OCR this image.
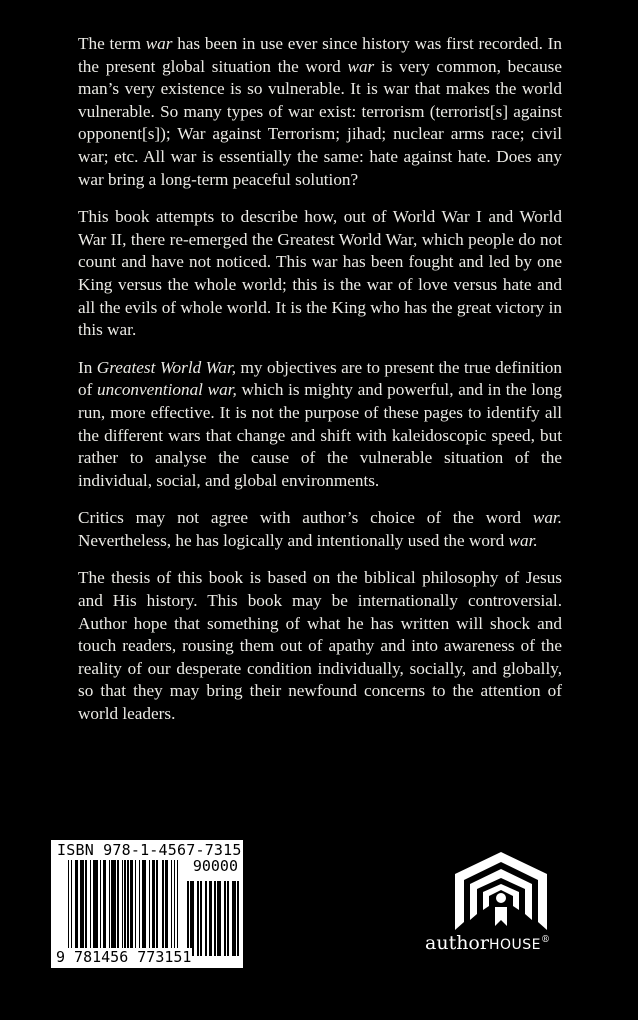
The term war has been in use ever since history was first recorded. In the present global situation the word war is very common, because man’s very existence is so vulnerable. It is war that makes the world vulnerable. So many types of war exist: terrorism (terrorist[s] against opponent[s]); War against Terrorism; jihad; nuclear arms race; civil war; etc. All war is essentially the same: hate against hate. Does any war bring a long-term peaceful solution?

This book attempts to describe how, out of World War I and World War II, there re-emerged the Greatest World War, which people do not count and have not noticed. This war has been fought and led by one King versus the whole world; this is the war of love versus hate and all the evils of whole world. It is the King who has the great victory in this war.

In Greatest World War, my objectives are to present the true definition of unconventional war, which is mighty and powerful, and in the long run, more effective. It is not the purpose of these pages to identify all the different wars that change and shift with kaleidoscopic speed, but rather to analyse the cause of the vulnerable situation of the individual, social, and global environments.

Critics may not agree with author’s choice of the word war. Nevertheless, he has logically and intentionally used the word war.

The thesis of this book is based on the biblical philosophy of Jesus and His history. This book may be internationally controversial. Author hope that something of what he has written will shock and touch readers, rousing them out of apathy and into awareness of the reality of our desperate condition individually, socially, and globally, so that they may bring their newfound concerns to the attention of world leaders.

ISBN 978-1-4567-7315-1
90000
9 781456 773151
authorHOUSE®
